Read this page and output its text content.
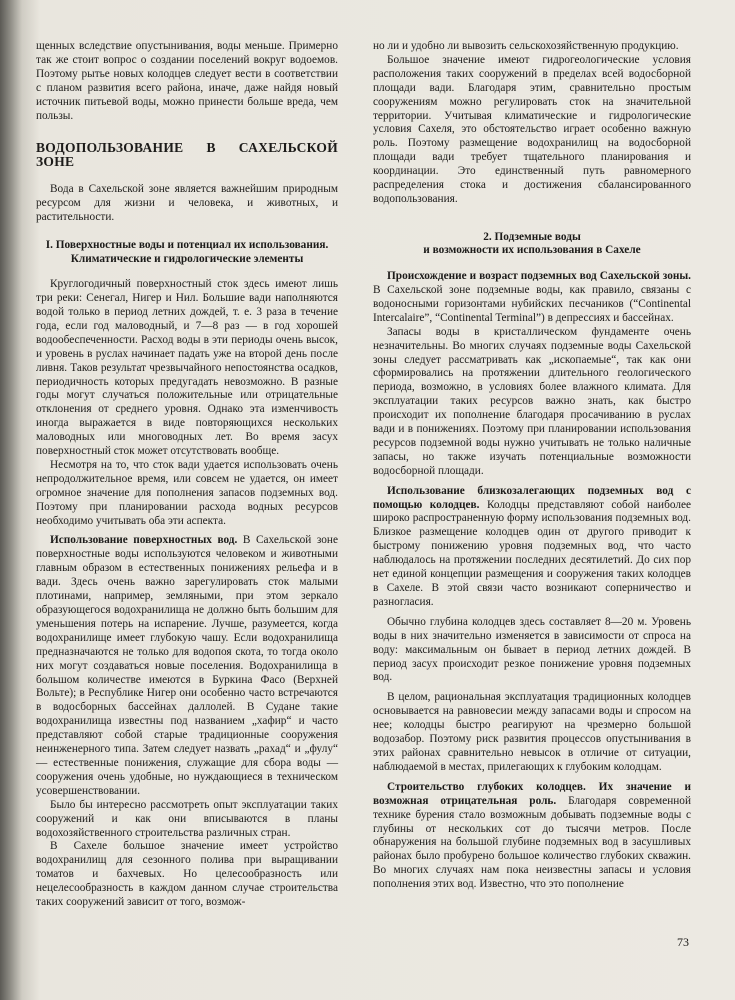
щенных вследствие опустынивания, воды меньше. Примерно так же стоит вопрос о создании поселений вокруг водоемов. Поэтому рытье новых колодцев следует вести в соответствии с планом развития всего района, иначе, даже найдя новый источник питьевой воды, можно принести больше вреда, чем пользы.

ВОДОПОЛЬЗОВАНИЕ В САХЕЛЬСКОЙ ЗОНЕ

Вода в Сахельской зоне является важнейшим природным ресурсом для жизни и человека, и животных, и растительности.

I. Поверхностные воды и потенциал их использования.
Климатические и гидрологические элементы

Круглогодичный поверхностный сток здесь имеют лишь три реки: Сенегал, Нигер и Нил. Большие вади наполняются водой только в период летних дождей, т. е. 3 раза в течение года, если год маловодный, и 7—8 раз — в год хорошей водообеспеченности. Расход воды в эти периоды очень высок, и уровень в руслах начинает падать уже на второй день после ливня. Таков результат чрезвычайного непостоянства осадков, периодичность которых предугадать невозможно. В разные годы могут случаться положительные или отрицательные отклонения от среднего уровня. Однако эта изменчивость иногда выражается в виде повторяющихся нескольких маловодных или многоводных лет. Во время засух поверхностный сток может отсутствовать вообще.

Несмотря на то, что сток вади удается использовать очень непродолжительное время, или совсем не удается, он имеет огромное значение для пополнения запасов подземных вод. Поэтому при планировании расхода водных ресурсов необходимо учитывать оба эти аспекта.

Использование поверхностных вод. В Сахельской зоне поверхностные воды используются человеком и животными главным образом в естественных понижениях рельефа и в вади. Здесь очень важно зарегулировать сток малыми плотинами, например, земляными, при этом зеркало образующегося водохранилища не должно быть большим для уменьшения потерь на испарение. Лучше, разумеется, когда водохранилище имеет глубокую чашу. Если водохранилища предназначаются не только для водопоя скота, то тогда около них могут создаваться новые поселения. Водохранилища в большом количестве имеются в Буркина Фасо (Верхней Вольте); в Республике Нигер они особенно часто встречаются в водосборных бассейнах даллолей. В Судане такие водохранилища известны под названием „хафир“ и часто представляют собой старые традиционные сооружения неинженерного типа. Затем следует назвать „рахад“ и „фулу“ — естественные понижения, служащие для сбора воды — сооружения очень удобные, но нуждающиеся в техническом усовершенствовании.

Было бы интересно рассмотреть опыт эксплуатации таких сооружений и как они вписываются в планы водохозяйственного строительства различных стран.

В Сахеле большое значение имеет устройство водохранилищ для сезонного полива при выращивании томатов и бахчевых. Но целесообразность или нецелесообразность в каждом данном случае строительства таких сооружений зависит от того, возмож-

но ли и удобно ли вывозить сельскохозяйственную продукцию.

Большое значение имеют гидрогеологические условия расположения таких сооружений в пределах всей водосборной площади вади. Благодаря этим, сравнительно простым сооружениям можно регулировать сток на значительной территории. Учитывая климатические и гидрологические условия Сахеля, это обстоятельство играет особенно важную роль. Поэтому размещение водохранилищ на водосборной площади вади требует тщательного планирования и координации. Это единственный путь равномерного распределения стока и достижения сбалансированного водопользования.

2. Подземные воды
и возможности их использования в Сахеле

Происхождение и возраст подземных вод Сахельской зоны. В Сахельской зоне подземные воды, как правило, связаны с водоносными горизонтами нубийских песчаников (“Continental Intercalaire”, “Continental Terminal”) в депрессиях и бассейнах.

Запасы воды в кристаллическом фундаменте очень незначительны. Во многих случаях подземные воды Сахельской зоны следует рассматривать как „ископаемые“, так как они сформировались на протяжении длительного геологического периода, возможно, в условиях более влажного климата. Для эксплуатации таких ресурсов важно знать, как быстро происходит их пополнение благодаря просачиванию в руслах вади и в понижениях. Поэтому при планировании использования ресурсов подземной воды нужно учитывать не только наличные запасы, но также изучать потенциальные возможности водосборной площади.

Использование близкозалегающих подземных вод с помощью колодцев. Колодцы представляют собой наиболее широко распространенную форму использования подземных вод. Близкое размещение колодцев один от другого приводит к быстрому понижению уровня подземных вод, что часто наблюдалось на протяжении последних десятилетий. До сих пор нет единой концепции размещения и сооружения таких колодцев в Сахеле. В этой связи часто возникают соперничество и разногласия.

Обычно глубина колодцев здесь составляет 8—20 м. Уровень воды в них значительно изменяется в зависимости от спроса на воду: максимальным он бывает в период летних дождей. В период засух происходит резкое понижение уровня подземных вод.

В целом, рациональная эксплуатация традиционных колодцев основывается на равновесии между запасами воды и спросом на нее; колодцы быстро реагируют на чрезмерно большой водозабор. Поэтому риск развития процессов опустынивания в этих районах сравнительно невысок в отличие от ситуации, наблюдаемой в местах, прилегающих к глубоким колодцам.

Строительство глубоких колодцев. Их значение и возможная отрицательная роль. Благодаря современной технике бурения стало возможным добывать подземные воды с глубины от нескольких сот до тысячи метров. После обнаружения на большой глубине подземных вод в засушливых районах было пробурено большое количество глубоких скважин. Во многих случаях нам пока неизвестны запасы и условия пополнения этих вод. Известно, что это пополнение

73
